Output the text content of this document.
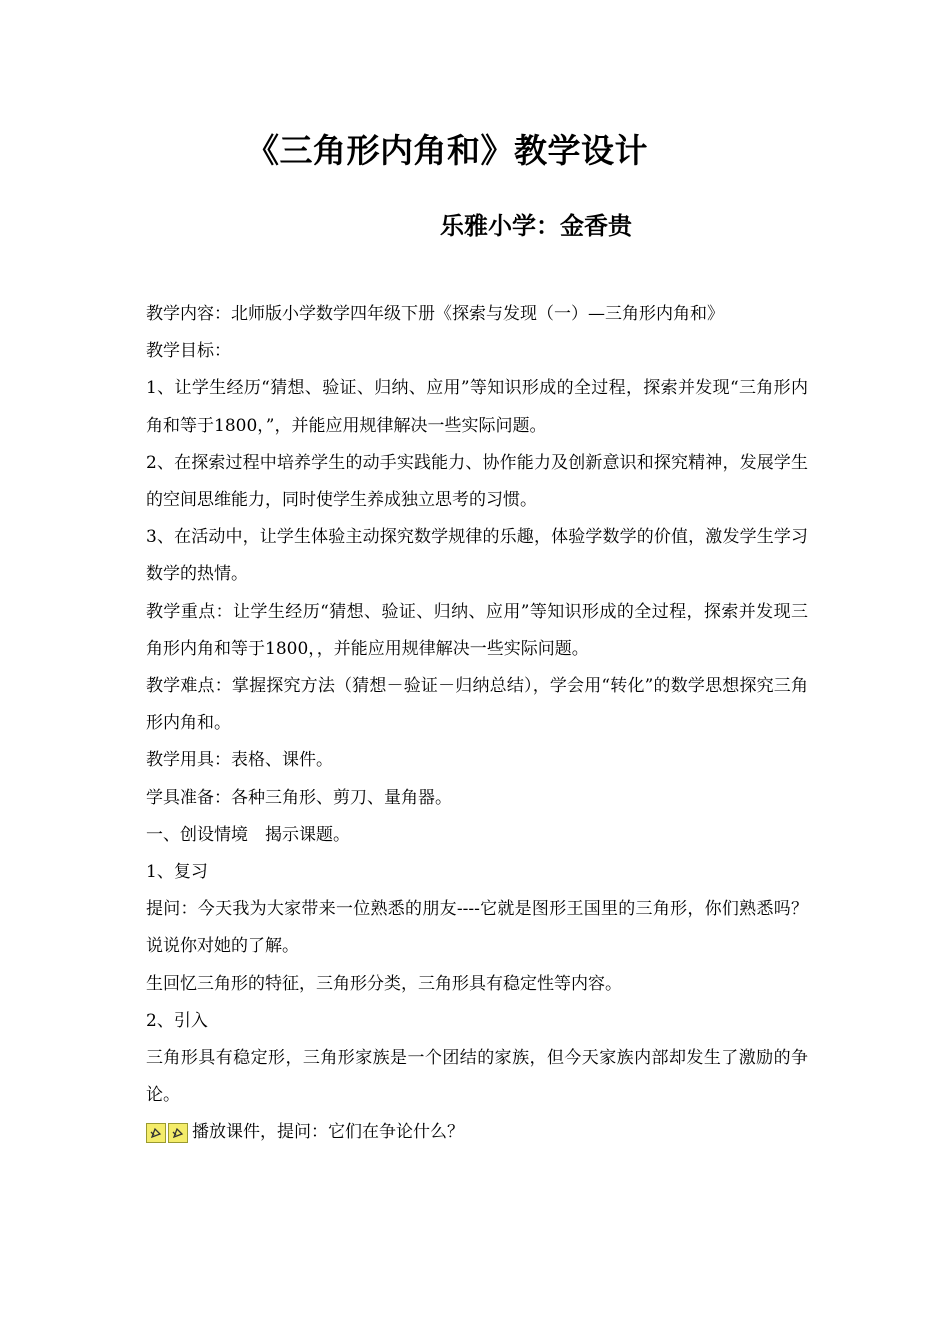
《三角形内角和》教学设计
乐雅小学：金香贵

教学内容：北师版小学数学四年级下册《探索与发现（一）—三角形内角和》

教学目标：

1、让学生经历“猜想、验证、归纳、应用”等知识形成的全过程，探索并发现“三角形内角和等于1800，”，并能应用规律解决一些实际问题。

2、在探索过程中培养学生的动手实践能力、协作能力及创新意识和探究精神，发展学生的空间思维能力，同时使学生养成独立思考的习惯。

3、在活动中，让学生体验主动探究数学规律的乐趣，体验学数学的价值，激发学生学习数学的热情。

教学重点：让学生经历“猜想、验证、归纳、应用”等知识形成的全过程，探索并发现三角形内角和等于1800，，并能应用规律解决一些实际问题。

教学难点：掌握探究方法（猜想－验证－归纳总结），学会用“转化”的数学思想探究三角形内角和。

教学用具：表格、课件。

学具准备：各种三角形、剪刀、量角器。

一、创设情境　揭示课题。

1、复习

提问：今天我为大家带来一位熟悉的朋友----它就是图形王国里的三角形，你们熟悉吗？说说你对她的了解。

生回忆三角形的特征，三角形分类，三角形具有稳定性等内容。

2、引入

三角形具有稳定形，三角形家族是一个团结的家族，但今天家族内部却发生了激励的争论。

播放课件，提问：它们在争论什么？
